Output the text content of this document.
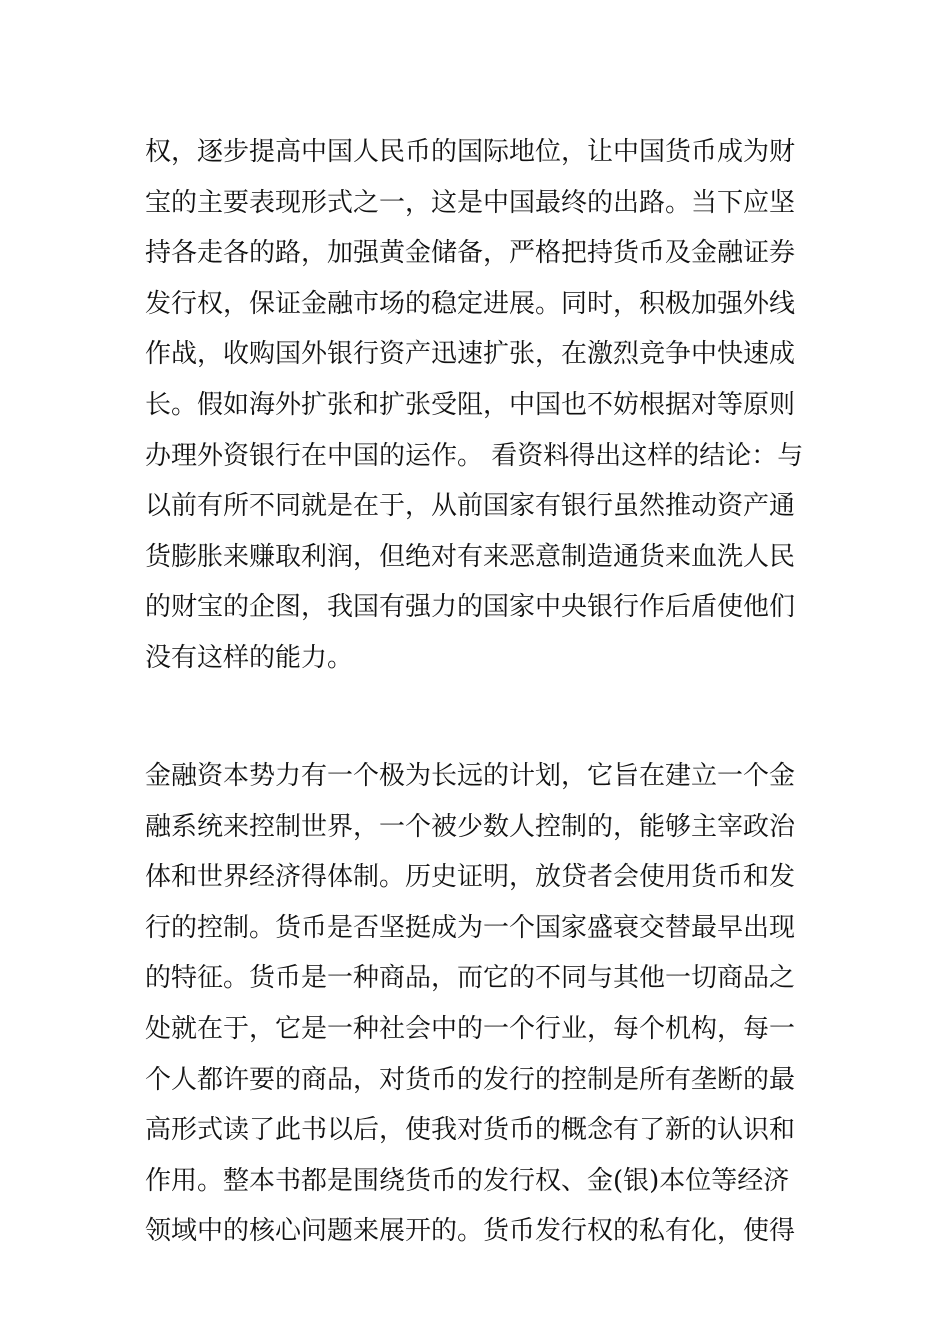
权，逐步提高中国人民币的国际地位，让中国货币成为财
宝的主要表现形式之一，这是中国最终的出路。当下应坚
持各走各的路，加强黄金储备，严格把持货币及金融证券
发行权，保证金融市场的稳定进展。同时，积极加强外线
作战，收购国外银行资产迅速扩张，在激烈竞争中快速成
长。假如海外扩张和扩张受阻，中国也不妨根据对等原则
办理外资银行在中国的运作。 看资料得出这样的结论：与
以前有所不同就是在于，从前国家有银行虽然推动资产通
货膨胀来赚取利润，但绝对有来恶意制造通货来血洗人民
的财宝的企图，我国有强力的国家中央银行作后盾使他们
没有这样的能力。
金融资本势力有一个极为长远的计划，它旨在建立一个金
融系统来控制世界，一个被少数人控制的，能够主宰政治
体和世界经济得体制。历史证明，放贷者会使用货币和发
行的控制。货币是否坚挺成为一个国家盛衰交替最早出现
的特征。货币是一种商品，而它的不同与其他一切商品之
处就在于，它是一种社会中的一个行业，每个机构，每一
个人都许要的商品，对货币的发行的控制是所有垄断的最
高形式读了此书以后，使我对货币的概念有了新的认识和
作用。整本书都是围绕货币的发行权、金(银)本位等经济
领域中的核心问题来展开的。货币发行权的私有化，使得
